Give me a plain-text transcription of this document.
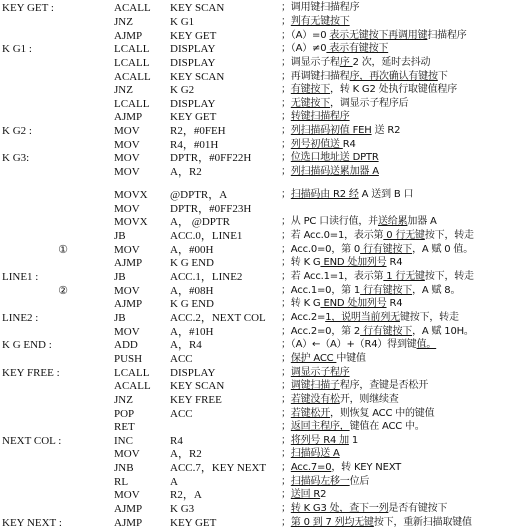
KEY GET :	ACALL	KEY SCAN	；调用键扫描程序
JNZ	K G1	；判有无键按下
AJMP	KEY GET	；（A）=0 表示无键按下再调用键扫描程序
K G1 :	LCALL	DISPLAY	；（A）≠0 表示有键按下
LCALL	DISPLAY	；调显示子程序 2 次，延时去抖动
ACALL	KEY SCAN	；再调键扫描程序，再次确认有键按下
JNZ	K G2	；有键按下，转 K G2 处执行取键值程序
LCALL	DISPLAY	；无键按下，调显示子程序后
AJMP	KEY GET	；转键扫描程序
K G2 :	MOV	R2，#0FEH	；列扫描码初值 FEH 送 R2
MOV	R4，#01H	；列号初值送 R4
K G3:	MOV	DPTR，#0FF22H	；位选口地址送 DPTR
MOV	A，R2	；列扫描码送累加器 A
MOVX	@DPTR，A	；扫描码由 R2 经 A 送到 B 口
MOV	DPTR，#0FF23H
MOVX	A， @DPTR	；从 PC 口读行值，并送给累加器 A
JB	ACC.0，LINE1	；若 Acc.0=1，表示第 0 行无键按下，转走
①	MOV	A，#00H	；Acc.0=0，第 0 行有键按下，A 赋 0 值。
AJMP	K G END	；转 K G END 处加列号 R4
LINE1 :	JB	ACC.1，LINE2	；若 Acc.1=1，表示第 1 行无键按下，转走
②	MOV	A，#08H	；Acc.1=0，第 1 行有键按下，A 赋 8。
AJMP	K G END	；转 K G END 处加列号 R4
LINE2 :	JB	ACC.2，NEXT COL	；Acc.2=1，说明当前列无键按下，转走
MOV	A，#10H	；Acc.2=0，第 2 行有键按下，A 赋 10H。
K G END :	ADD	A，R4	；（A）←（A）+（R4）得到键值。
PUSH	ACC	；保护 ACC 中键值
KEY FREE :	LCALL	DISPLAY	；调显示子程序
ACALL	KEY SCAN	；调键扫描子程序，查键是否松开
JNZ	KEY FREE	；若键没有松开，则继续查
POP	ACC	；若键松开，则恢复 ACC 中的键值
RET	；返回主程序，键值在 ACC 中。
NEXT COL :	INC	R4	；将列号 R4 加 1
MOV	A，R2	；扫描码送 A
JNB	ACC.7，KEY NEXT	；Acc.7=0，转 KEY NEXT
RL	A	；扫描码左移一位后
MOV	R2，A	；送回 R2
AJMP	K G3	；转 K G3 处，查下一列是否有键按下
KEY NEXT :	AJMP	KEY GET	；第 0 到 7 列均无键按下，重新扫描取键值
